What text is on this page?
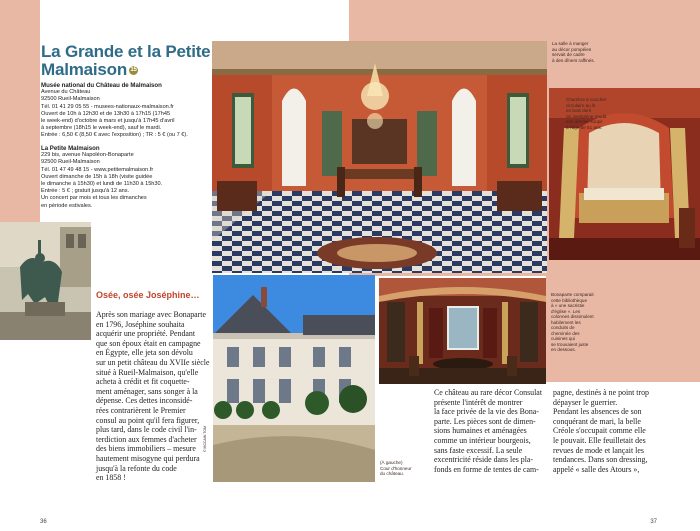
La Grande et la Petite
Malmaison 15
Musée national du Château de Malmaison
Avenue du Château
92500 Rueil-Malmaison
Tél. 01 41 29 05 55 - musees-nationaux-malmaison.fr
Ouvert de 10h à 12h30 et de 13h30 à 17h15 (17h45
le week-end) d'octobre à mars et jusqu'à 17h45 d'avril
à septembre (18h15 le week-end), sauf le mardi.
Entrée : 6,50 € (8,50 € avec l'exposition) ; TR : 5 € (ou 7 €).
La Petite Malmaison
229 bis, avenue Napoléon-Bonaparte
92500 Rueil-Malmaison
Tél. 01 47 49 48 15 - www.petitemalmaison.fr
Ouvert dimanche de 15h à 18h (visite guidée
le dimanche à 15h30) et lundi de 11h30 à 15h30.
Entrée : 5 € ; gratuit jusqu'à 12 ans.
Un concert par mois et tous les dimanches
en période estivales.
© MCCAIN TOM
La salle à manger
au décor pompéien
servait de cadre
à des dîners raffinés.
Chambre à coucher
circulaire au lit
en bois doré
où Joséphine rendit
son dernier soupir
à l'âge de 51 ans.
Bonaparte comparait
cette bibliothèque
à « une sacristie
d'église ». Les
colonnes dissimulent
habilement les
conduits de
cheminée des
cuisines qui
se trouvaient juste
en dessous.
(À gauche)
Cour d'honneur
du château.
Osée, osée Joséphine…
Après son mariage avec Bonaparte
en 1796, Joséphine souhaita
acquérir une propriété. Pendant
que son époux était en campagne
en Égypte, elle jeta son dévolu
sur un petit château du XVIIe siècle
situé à Rueil-Malmaison, qu'elle
acheta à crédit et fit coquette-
ment aménager, sans songer à la
dépense. Ces dettes inconsidé-
rées contrarièrent le Premier
consul au point qu'il fera figurer,
plus tard, dans le code civil l'in-
terdiction aux femmes d'acheter
des biens immobiliers – mesure
hautement misogyne qui perdura
jusqu'à la refonte du code
en 1858 !
Ce château au rare décor Consulat
présente l'intérêt de montrer
la face privée de la vie des Bona-
parte. Les pièces sont de dimen-
sions humaines et aménagées
comme un intérieur bourgeois,
sans faste excessif. La seule
excentricité réside dans les pla-
fonds en forme de tentes de cam-
pagne, destinés à ne point trop
dépayser le guerrier.
Pendant les absences de son
conquérant de mari, la belle
Créole s'occupait comme elle
le pouvait. Elle feuilletait des
revues de mode et lançait les
tendances. Dans son dressing,
appelé « salle des Atours »,
36	37
